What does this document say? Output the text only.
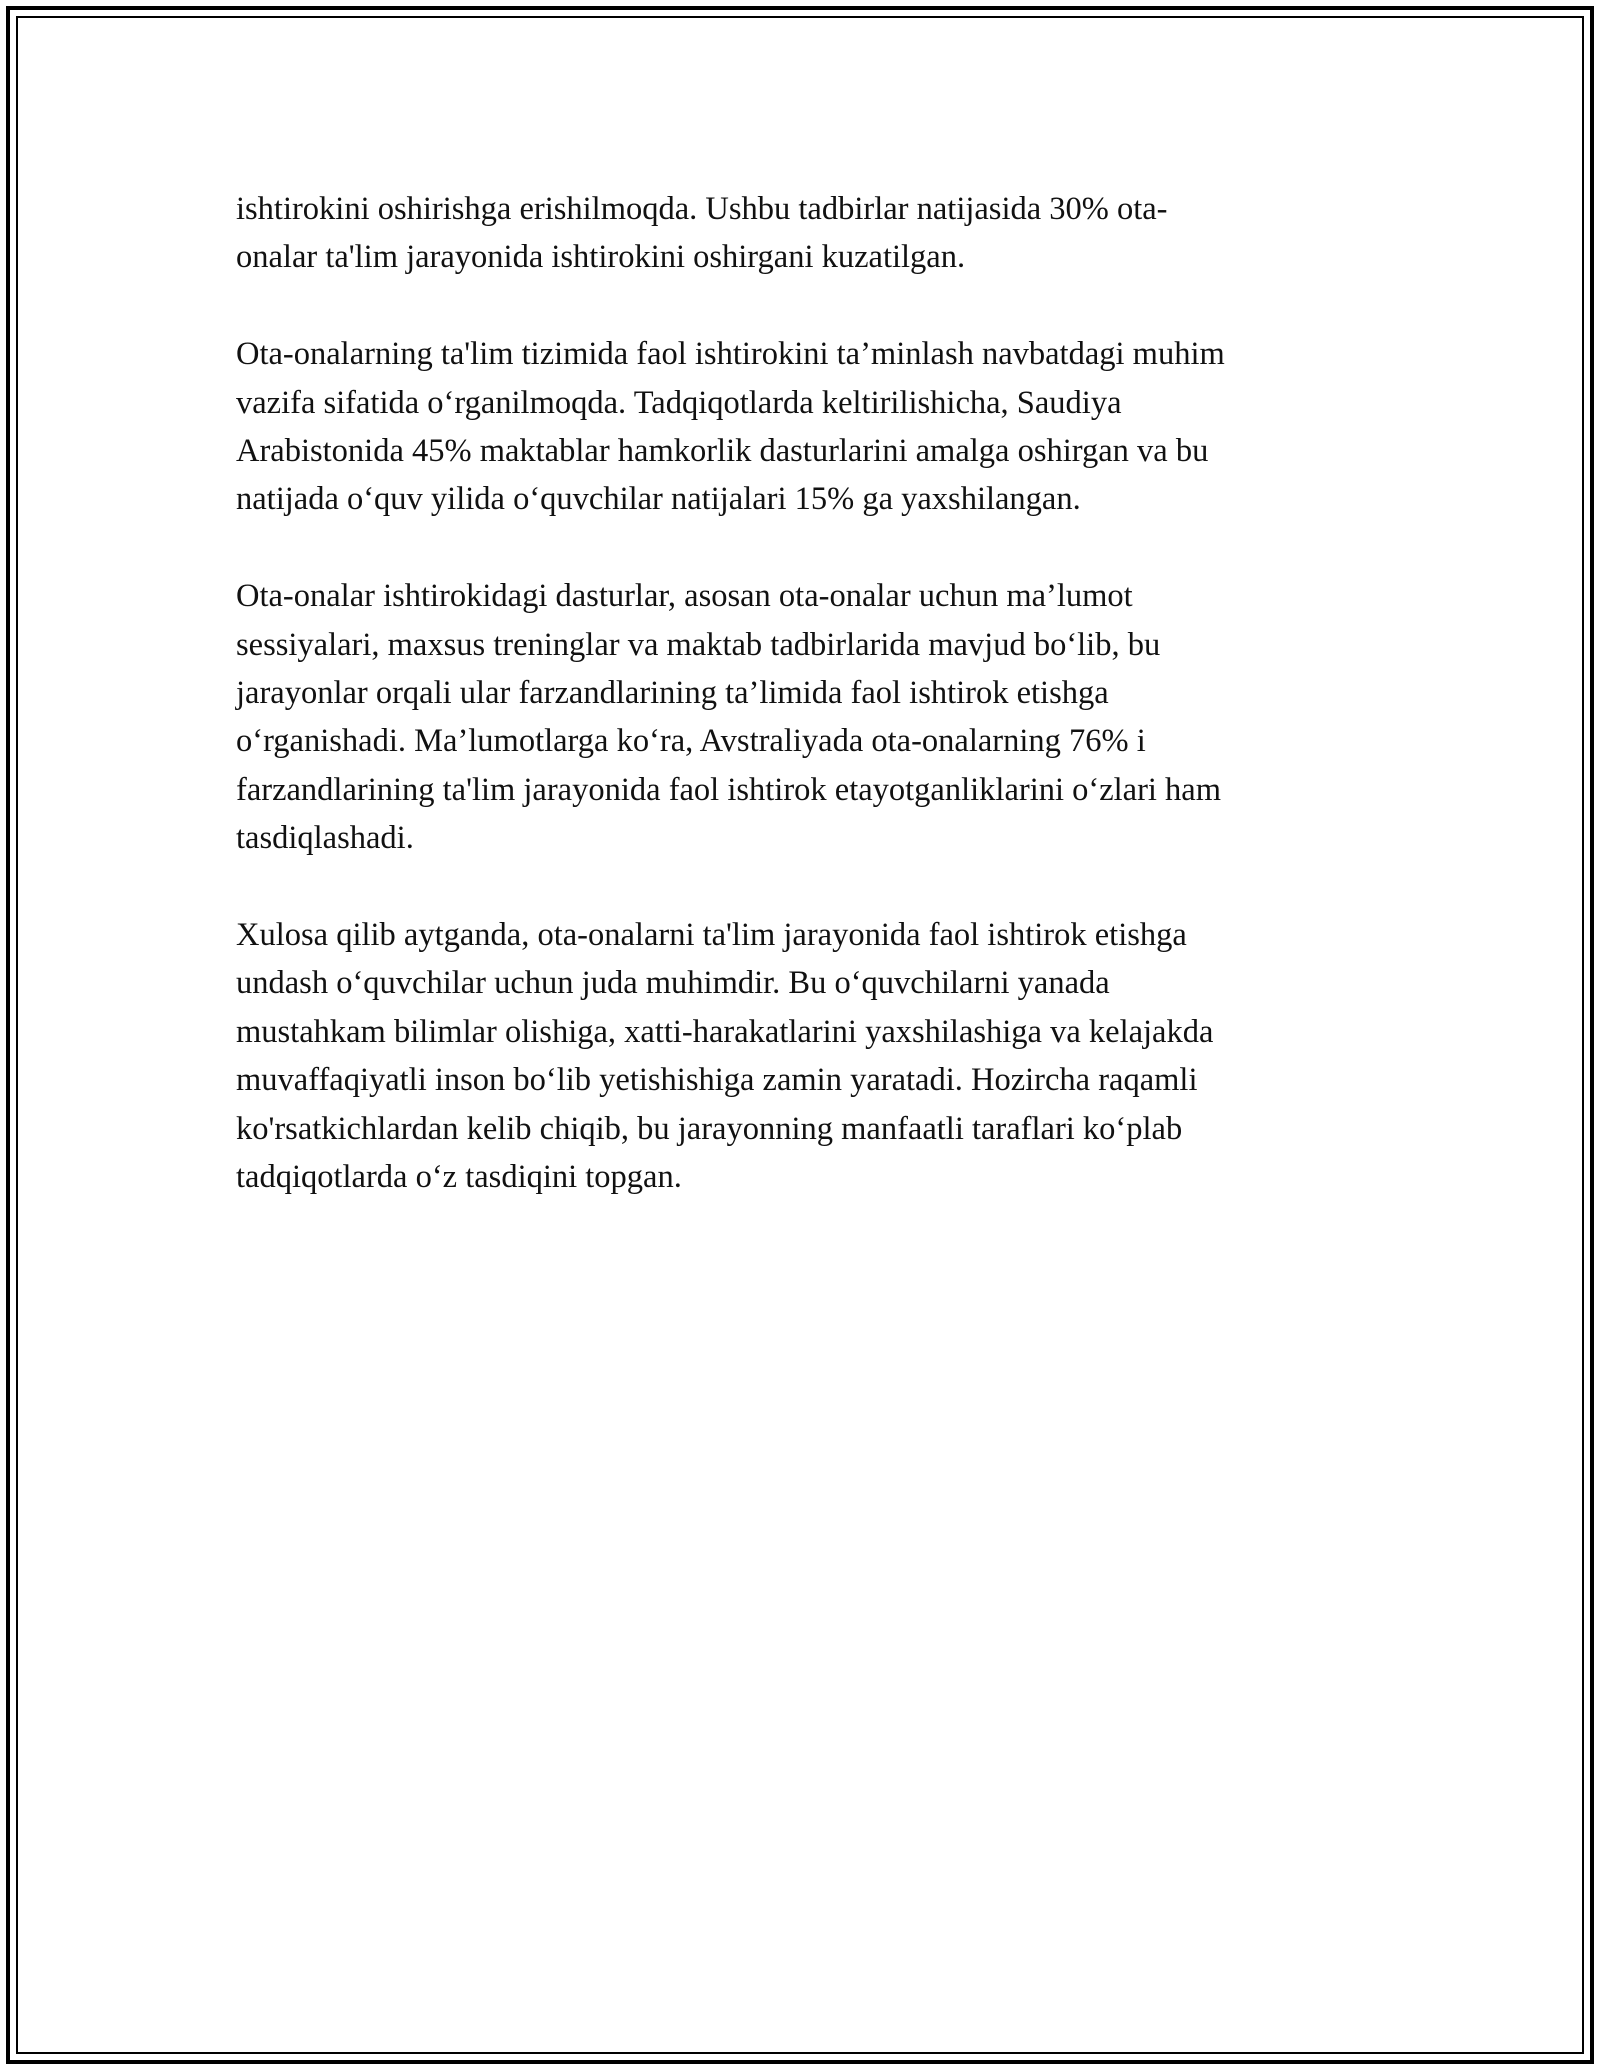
ishtirokini oshirishga erishilmoqda. Ushbu tadbirlar natijasida 30% ota-
onalar ta'lim jarayonida ishtirokini oshirgani kuzatilgan.

Ota-onalarning ta'lim tizimida faol ishtirokini ta’minlash navbatdagi muhim
vazifa sifatida o‘rganilmoqda. Tadqiqotlarda keltirilishicha, Saudiya
Arabistonida 45% maktablar hamkorlik dasturlarini amalga oshirgan va bu
natijada o‘quv yilida o‘quvchilar natijalari 15% ga yaxshilangan.

Ota-onalar ishtirokidagi dasturlar, asosan ota-onalar uchun ma’lumot
sessiyalari, maxsus treninglar va maktab tadbirlarida mavjud bo‘lib, bu
jarayonlar orqali ular farzandlarining ta’limida faol ishtirok etishga
o‘rganishadi. Ma’lumotlarga ko‘ra, Avstraliyada ota-onalarning 76% i
farzandlarining ta'lim jarayonida faol ishtirok etayotganliklarini o‘zlari ham
tasdiqlashadi.

Xulosa qilib aytganda, ota-onalarni ta'lim jarayonida faol ishtirok etishga
undash o‘quvchilar uchun juda muhimdir. Bu o‘quvchilarni yanada
mustahkam bilimlar olishiga, xatti-harakatlarini yaxshilashiga va kelajakda
muvaffaqiyatli inson bo‘lib yetishishiga zamin yaratadi. Hozircha raqamli
ko'rsatkichlardan kelib chiqib, bu jarayonning manfaatli taraflari ko‘plab
tadqiqotlarda o‘z tasdiqini topgan.
